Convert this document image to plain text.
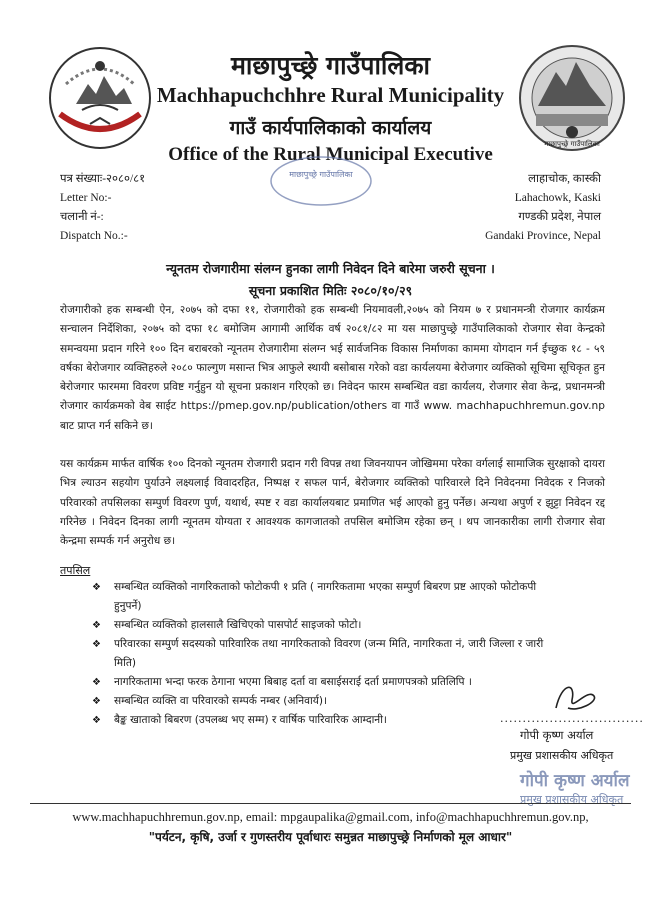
माछापुच्छ्रे गाउँपालिका
माछापुच्छ्रे गाउँपालिका
Machhapuchchhre Rural Municipality
गाउँ कार्यपालिकाको कार्यालय
Office of the Rural Municipal Executive
माछापुच्छ्रे गाउँपालिका
पत्र संख्याः-२०८०/८१
Letter No:-
चलानी नं-:
Dispatch No.:-
लाहाचोक, कास्की
Lahachowk, Kaski
गण्डकी प्रदेश, नेपाल
Gandaki Province, Nepal
न्यूनतम रोजगारीमा संलग्न हुनका लागी निवेदन दिने बारेमा जरुरी सूचना ।
सूचना प्रकाशित मितिः २०८०/१०/२९
रोजगारीको हक सम्बन्धी ऐन, २०७५ को दफा ११, रोजगारीको हक सम्बन्धी नियमावली,२०७५ को नियम ७ र प्रधानमन्त्री रोजगार कार्यक्रम सन्चालन निर्देशिका, २०७५ को दफा १८ बमोजिम आगामी आर्थिक वर्ष २०८१/८२ मा यस माछापुच्छ्रे गाउँपालिकाको रोजगार सेवा केन्द्रको समन्वयमा प्रदान गरिने १०० दिन बराबरको न्यूनतम रोजगारीमा संलग्न भई सार्वजनिक विकास निर्माणका काममा योगदान गर्न ईच्छुक १८ - ५९ वर्षका बेरोजगार व्यक्तिहरुले २०८० फाल्गुण मसान्त भित्र आफुले स्थायी बसोबास गरेको वडा कार्यलयमा बेरोजगार व्यक्तिको सूचिमा सूचिकृत हुन बेरोजगार फारममा विवरण प्रविष्ट गर्नुहुन यो सूचना प्रकाशन गरिएको छ। निवेदन फारम सम्बन्धित वडा कार्यलय, रोजगार सेवा केन्द्र, प्रधानमन्त्री रोजगार कार्यक्रमको वेब साईट https://pmep.gov.np/publication/others वा गाउँ www. machhapuchhremun.gov.np बाट प्राप्त गर्न सकिने छ।
यस कार्यक्रम मार्फत वार्षिक १०० दिनको न्यूनतम रोजगारी प्रदान गरी विपन्न तथा जिवनयापन जोखिममा परेका वर्गलाई सामाजिक सुरक्षाको दायरा भित्र ल्याउन सहयोग पुर्याउने लक्ष्यलाई विवादरहित, निष्पक्ष र सफल पार्न, बेरोजगार व्यक्तिको पारिवारले दिने निवेदनमा निवेदक र निजको परिवारको तपसिलका सम्पुर्ण विवरण पुर्ण, यथार्थ, स्पष्ट र वडा कार्यालयबाट प्रमाणित भई आएको हुनु पर्नेछ। अन्यथा अपुर्ण र झुट्टा निवेदन रद्द गरिनेछ । निवेदन दिनका लागी न्यूनतम योग्यता र आवश्यक कागजातको तपसिल बमोजिम रहेका छन् । थप जानकारीका लागी रोजगार सेवा केन्द्रमा सम्पर्क गर्न अनुरोध छ।
तपसिल
❖ सम्बन्धित व्यक्तिको नागरिकताको फोटोकपी १ प्रति ( नागरिकतामा भएका सम्पुर्ण बिबरण प्रष्ट आएको फोटोकपी हुनुपर्ने)
❖ सम्बन्धित व्यक्तिको हालसालै खिचिएको पासपोर्ट साइजको फोटो।
❖ परिवारका सम्पुर्ण सदस्यको पारिवारिक तथा नागरिकताको विवरण (जन्म मिति, नागरिकता नं, जारी जिल्ला र जारी मिति)
❖ नागरिकतामा भन्दा फरक ठेगाना भएमा बिबाह दर्ता वा बसाईसराई दर्ता प्रमाणपत्रको प्रतिलिपि ।
❖ सम्बन्धित व्यक्ति वा परिवारको सम्पर्क नम्बर (अनिवार्य)।
❖ बैङ्क खाताको बिबरण (उपलब्ध भए सम्म) र वार्षिक पारिवारिक आम्दानी।	................................
गोपी कृष्ण अर्याल
प्रमुख प्रशासकीय अधिकृत
गोपी कृष्ण अर्याल
प्रमुख प्रशासकीय अधिकृत
www.machhapuchhremun.gov.np, email: mpgaupalika@gmail.com, info@machhapuchhremun.gov.np,
"पर्यटन, कृषि, उर्जा र गुणस्तरीय पूर्वाधारः समुन्नत माछापुच्छ्रे निर्माणको मूल आधार"
